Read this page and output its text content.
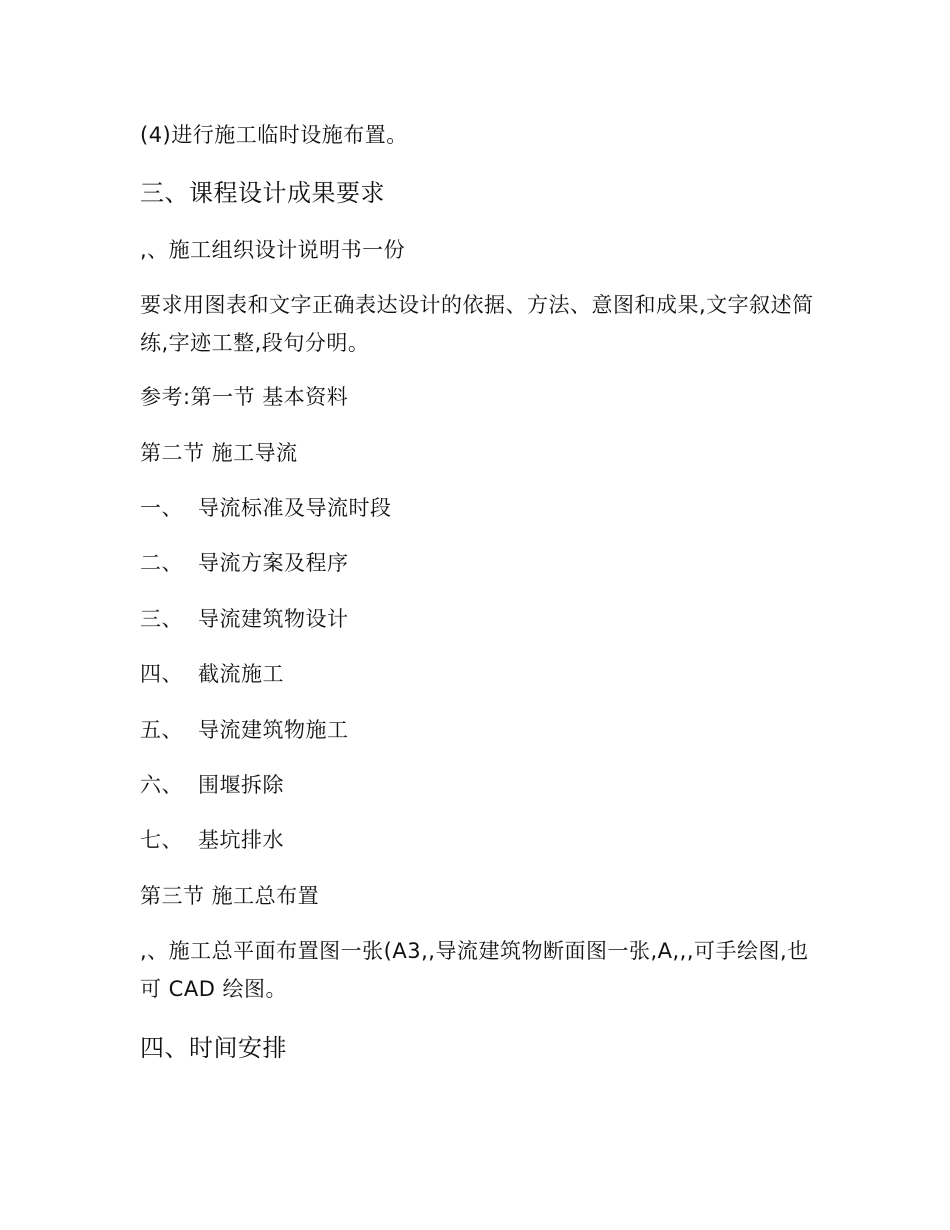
(4)进行施工临时设施布置。
三、课程设计成果要求
,、施工组织设计说明书一份
要求用图表和文字正确表达设计的依据、方法、意图和成果,文字叙述简练,字迹工整,段句分明。
参考:第一节 基本资料
第二节 施工导流
一、 导流标准及导流时段
二、 导流方案及程序
三、 导流建筑物设计
四、 截流施工
五、 导流建筑物施工
六、 围堰拆除
七、 基坑排水
第三节 施工总布置
,、施工总平面布置图一张(A3,,导流建筑物断面图一张,A,,,可手绘图,也可 CAD 绘图。
四、时间安排
